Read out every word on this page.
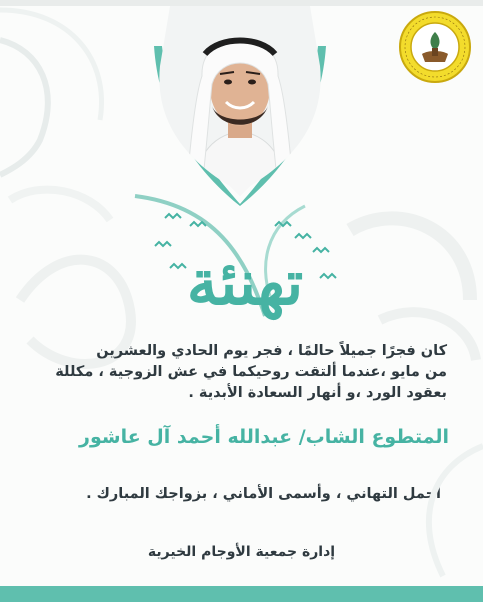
تهنئة

كان فجرًا جميلاً حالمًا ، فجر يوم الحادي والعشرين
من مايو ،عندما ألتقت روحيكما في عش الزوجية ، مكللة
بعقود الورد ،و أنهار السعادة الأبدية .

المتطوع الشاب/ عبدالله أحمد آل عاشور
أجمل التهاني ، وأسمى الأماني ، بزواجك المبارك .
إدارة جمعية الأوجام الخيرية
